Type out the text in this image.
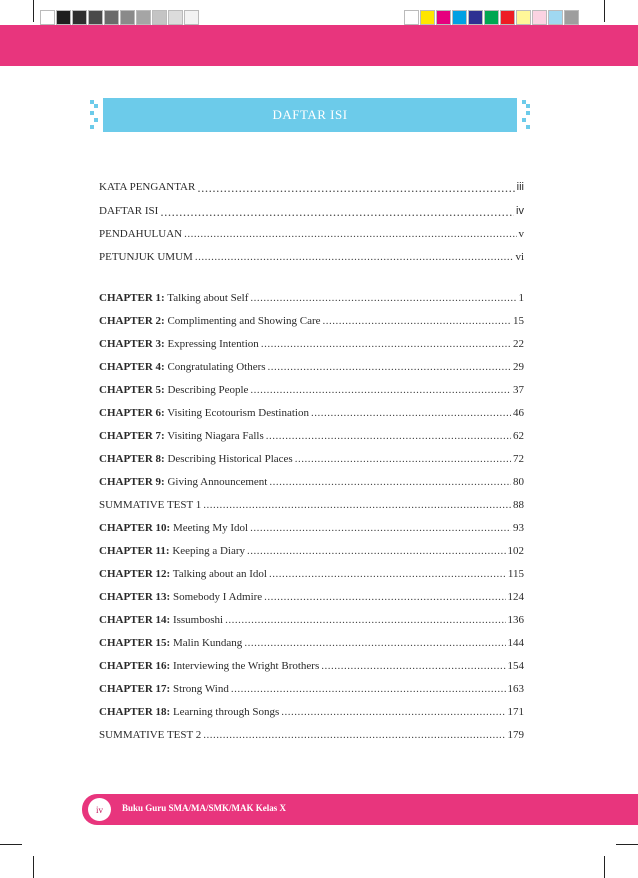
DAFTAR ISI
KATA PENGANTAR .....	iii
DAFTAR ISI .....	iv
PENDAHULUAN .....	v
PETUNJUK UMUM .....	vi
CHAPTER 1: Talking about Self .....	1
CHAPTER 2: Complimenting and Showing Care .....	15
CHAPTER 3: Expressing Intention .....	22
CHAPTER 4: Congratulating Others .....	29
CHAPTER 5: Describing People .....	37
CHAPTER 6: Visiting Ecotourism Destination .....	46
CHAPTER 7: Visiting Niagara Falls .....	62
CHAPTER 8: Describing Historical Places .....	72
CHAPTER 9: Giving Announcement .....	80
SUMMATIVE TEST 1 .....	88
CHAPTER 10: Meeting My Idol .....	93
CHAPTER 11: Keeping a Diary .....	102
CHAPTER 12: Talking about an Idol .....	115
CHAPTER 13: Somebody I Admire .....	124
CHAPTER 14: Issumboshi .....	136
CHAPTER 15: Malin Kundang .....	144
CHAPTER 16: Interviewing the Wright Brothers .....	154
CHAPTER 17: Strong Wind .....	163
CHAPTER 18: Learning through Songs .....	171
SUMMATIVE TEST 2 .....	179
iv	Buku Guru SMA/MA/SMK/MAK Kelas X
